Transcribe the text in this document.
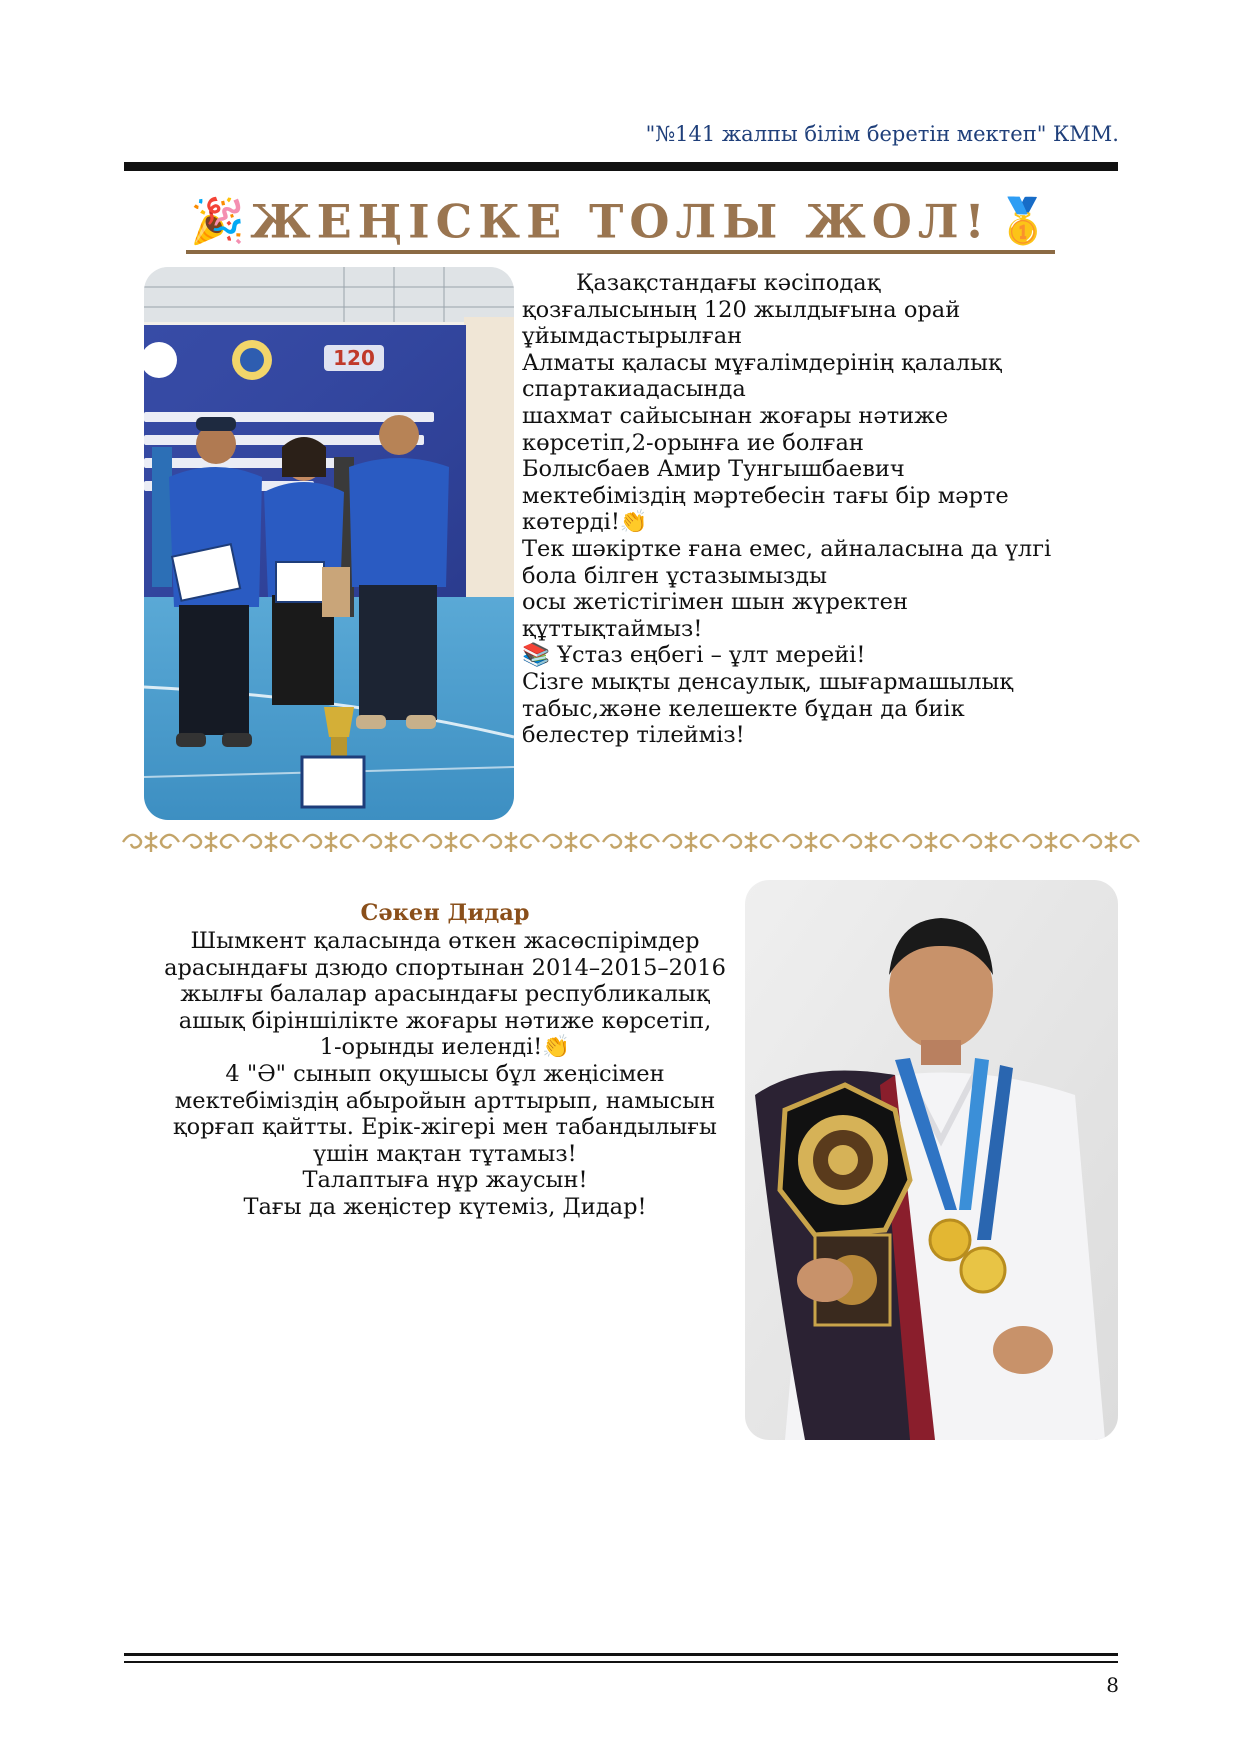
"№141 жалпы білім беретін мектеп" КММ.
🎉 ЖЕҢІСКЕ ТОЛЫ ЖОЛ! 🥇
120

Қазақстандағы кәсіподақ

қозғалысының 120 жылдығына орай

ұйымдастырылған

Алматы қаласы мұғалімдерінің қалалық

спартакиадасында

шахмат сайысынан жоғары нәтиже

көрсетіп,2-орынға ие болған

Болысбаев Амир Тунгышбаевич

мектебіміздің мәртебесін тағы бір мәрте

көтерді!👏

Тек шәкіртке ғана емес, айналасына да үлгі

бола білген ұстазымызды

осы жетістігімен шын жүректен

құттықтаймыз!

📚 Ұстаз еңбегі – ұлт мерейі!

Сізге мықты денсаулық, шығармашылық

табыс,және келешекте бұдан да биік

белестер тілейміз!

Сәкен Дидар

Шымкент қаласында өткен жасөспірімдер

арасындағы дзюдо спортынан 2014–2015–2016

жылғы балалар арасындағы республикалық

ашық біріншілікте жоғары нәтиже көрсетіп,

1-орынды иеленді!👏

4 "Ә" сынып оқушысы бұл жеңісімен

мектебіміздің абыройын арттырып, намысын

қорғап қайтты. Ерік-жігері мен табандылығы

үшін мақтан тұтамыз!

Талаптыға нұр жаусын!

Тағы да жеңістер күтеміз, Дидар!

8
